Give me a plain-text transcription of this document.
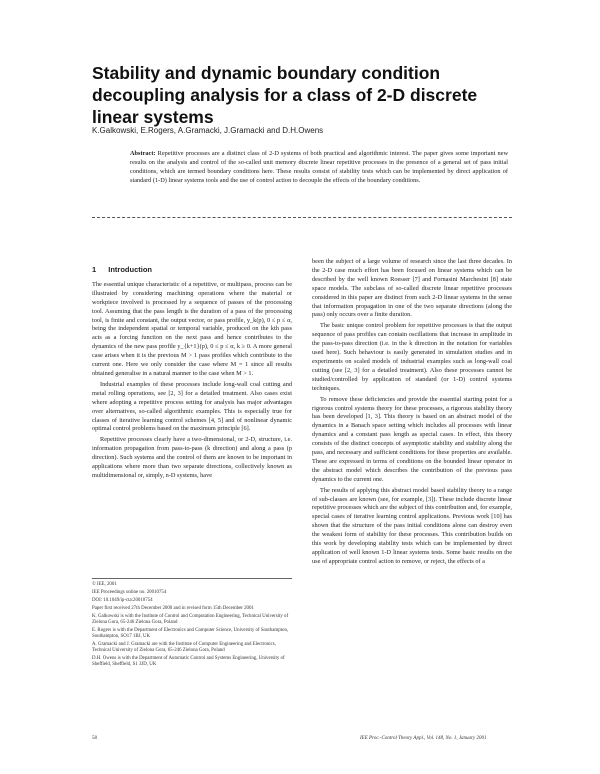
Stability and dynamic boundary condition decoupling analysis for a class of 2-D discrete linear systems
K.Galkowski, E.Rogers, A.Gramacki, J.Gramacki and D.H.Owens
Abstract: Repetitive processes are a distinct class of 2-D systems of both practical and algorithmic interest. The paper gives some important new results on the analysis and control of the so-called unit memory discrete linear repetitive processes in the presence of a general set of pass initial conditions, which are termed boundary conditions here. These results consist of stability tests which can be implemented by direct application of standard (1-D) linear systems tools and the use of control action to decouple the effects of the boundary conditions.
1 Introduction

The essential unique characteristic of a repetitive, or multipass, process can be illustrated by considering machining operations where the material or workpiece involved is processed by a sequence of passes of the processing tool. Assuming that the pass length is the duration of a pass of the processing tool, is finite and constant, the output vector, or pass profile, y_k(p), 0 ≤ p ≤ α, being the independent spatial or temporal variable, produced on the kth pass acts as a forcing function on the next pass and hence contributes to the dynamics of the new pass profile y_{k+1}(p), 0 ≤ p ≤ α, k ≥ 0. A more general case arises when it is the previous M > 1 pass profiles which contribute to the current one. Here we only consider the case where M = 1 since all results obtained generalise in a natural manner to the case when M > 1.

Industrial examples of these processes include long-wall coal cutting and metal rolling operations, see [2, 3] for a detailed treatment. Also cases exist where adopting a repetitive process setting for analysis has major advantages over alternatives, so-called algorithmic examples. This is especially true for classes of iterative learning control schemes [4, 5] and of nonlinear dynamic optimal control problems based on the maximum principle [6].

Repetitive processes clearly have a two-dimensional, or 2-D, structure, i.e. information propagation from pass-to-pass (k direction) and along a pass (p direction). Such systems and the control of them are known to be important in applications where more than two separate directions, collectively known as multidimensional or, simply, n-D systems, have

been the subject of a large volume of research since the last three decades. In the 2-D case much effort has been focused on linear systems which can be described by the well known Roesser [7] and Fornasini Marchesini [8] state space models. The subclass of so-called discrete linear repetitive processes considered in this paper are distinct from such 2-D linear systems in the sense that information propagation in one of the two separate directions (along the pass) only occurs over a finite duration.

The basic unique control problem for repetitive processes is that the output sequence of pass profiles can contain oscillations that increase in amplitude in the pass-to-pass direction (i.e. in the k direction in the notation for variables used here). Such behaviour is easily generated in simulation studies and in experiments on scaled models of industrial examples such as long-wall coal cutting (see [2, 3] for a detailed treatment). Also these processes cannot be studied/controlled by application of standard (or 1-D) control systems techniques.

To remove these deficiencies and provide the essential starting point for a rigorous control systems theory for these processes, a rigorous stability theory has been developed [1, 3]. This theory is based on an abstract model of the dynamics in a Banach space setting which includes all processes with linear dynamics and a constant pass length as special cases. In effect, this theory consists of the distinct concepts of asymptotic stability and stability along the pass, and necessary and sufficient conditions for these properties are available. These are expressed in terms of conditions on the bounded linear operator in the abstract model which describes the contribution of the previous pass dynamics to the current one.

The results of applying this abstract model based stability theory to a range of sub-classes are known (see, for example, [3]). These include discrete linear repetitive processes which are the subject of this contribution and, for example, special cases of iterative learning control applications. Previous work [10] has shown that the structure of the pass initial conditions alone can destroy even the weakest form of stability for these processes. This contribution builds on this work by developing stability tests which can be implemented by direct application of well known 1-D linear systems tests. Some basic results on the use of appropriate control action to remove, or reject, the effects of a

© IEE, 2001
IEE Proceedings online no. 20010754
DOI: 10.1049/ip-cta:20010754
Paper first received 27th December 2000 and in revised form 15th December 2001
K. Galkowski is with the Institute of Control and Computation Engineering, Technical University of Zielona Gora, 65-246 Zielona Gora, Poland
E. Rogers is with the Department of Electronics and Computer Science, University of Southampton, Southampton, SO17 1BJ, UK
A. Gramacki and J. Gramacki are with the Institute of Computer Engineering and Electronics, Technical University of Zielona Gora, 65-246 Zielona Gora, Poland
D.H. Owens is with the Department of Automatic Control and Systems Engineering, University of Sheffield, Sheffield, S1 3JD, UK
58	IEE Proc.-Control Theory Appl., Vol. 148, No. 1, January 2001
